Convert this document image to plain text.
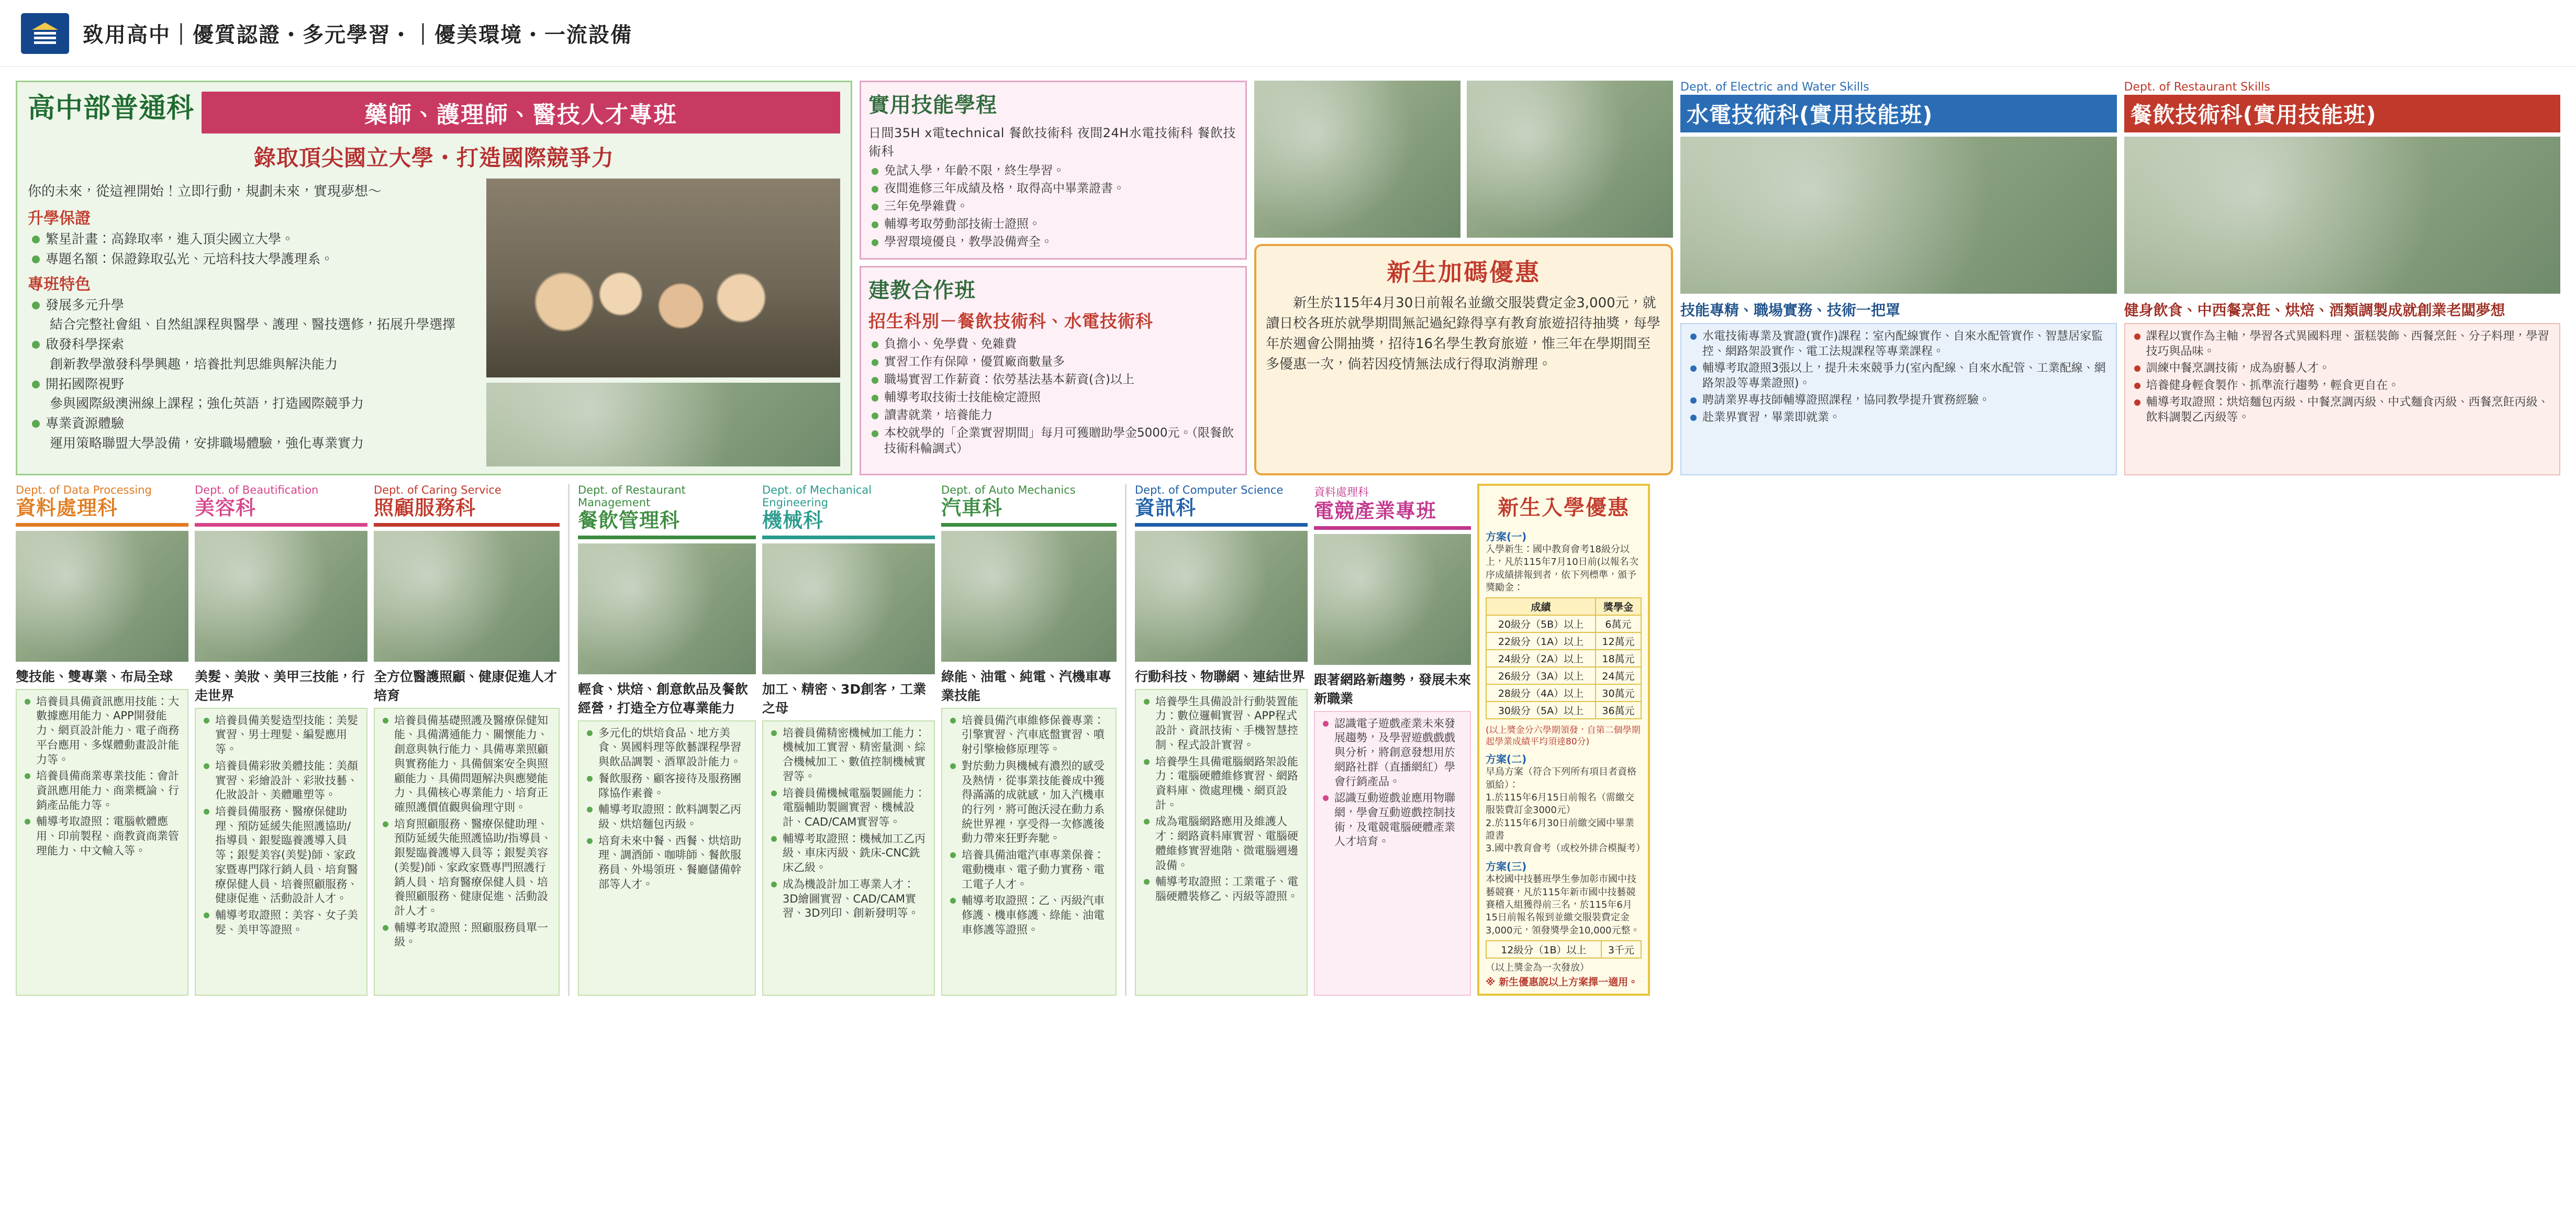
致用高中｜優質認證・多元學習・｜優美環境・一流設備
高中部普通科	藥師、護理師、醫技人才專班
錄取頂尖國立大學・打造國際競爭力
你的未來，從這裡開始！立即行動，規劃未來，實現夢想～
升學保證
繁星計畫：高錄取率，進入頂尖國立大學。
專題名額：保證錄取弘光、元培科技大學護理系。
專班特色
發展多元升學
結合完整社會組、自然組課程與醫學、護理、醫技選修，拓展升學選擇
啟發科學探索
創新教學激發科學興趣，培養批判思維與解決能力
開拓國際視野
參與國際級澳洲線上課程；強化英語，打造國際競爭力
專業資源體驗
運用策略聯盟大學設備，安排職場體驗，強化專業實力
實用技能學程
日間35H x電technical 餐飲技術科 夜間24H水電技術科 餐飲技術科
免試入學，年齡不限，終生學習。
夜間進修三年成績及格，取得高中畢業證書。
三年免學雜費。
輔導考取勞動部技術士證照。
學習環境優良，教學設備齊全。
建教合作班
招生科別－餐飲技術科、水電技術科
負擔小、免學費、免雜費
實習工作有保障，優質廠商數量多
職場實習工作薪資：依勞基法基本薪資(含)以上
輔導考取技術士技能檢定證照
讀書就業，培養能力
本校就學的「企業實習期間」每月可獲贈助學金5000元。（限餐飲技術科輪調式）
新生加碼優惠
新生於115年4月30日前報名並繳交服裝費定金3,000元，就讀日校各班於就學期間無記過紀錄得享有教育旅遊招待抽獎，每學年於週會公開抽獎，招待16名學生教育旅遊，惟三年在學期間至多優惠一次，倘若因疫情無法成行得取消辦理。
Dept. of Electric and Water Skills
水電技術科(實用技能班)
技能專精、職場實務、技術一把罩
水電技術專業及實證(實作)課程：室內配線實作、自來水配管實作、智慧居家監控、網路架設實作、電工法規課程等專業課程。
輔導考取證照3張以上，提升未來競爭力(室內配線、自來水配管、工業配線、網路架設等專業證照)。
聘請業界專技師輔導證照課程，協同教學提升實務經驗。
赴業界實習，畢業即就業。
Dept. of Restaurant Skills
餐飲技術科(實用技能班)
健身飲食、中西餐烹飪、烘焙、酒類調製成就創業老闆夢想
課程以實作為主軸，學習各式異國料理、蛋糕裝飾、西餐烹飪、分子料理，學習技巧與品味。
訓練中餐烹調技術，成為廚藝人才。
培養健身輕食製作、抓準流行趨勢，輕食更自在。
輔導考取證照：烘焙麵包丙級、中餐烹調丙級、中式麵食丙級、西餐烹飪丙級、飲料調製乙丙級等。
Dept. of Data Processing
資料處理科
雙技能、雙專業、布局全球
培養員具備資訊應用技能：大數據應用能力、APP開發能力、網頁設計能力、電子商務平台應用、多媒體動畫設計能力等。
培養員備商業專業技能：會計資訊應用能力、商業概論、行銷產品能力等。
輔導考取證照：電腦軟體應用、印前製程、商教資商業管理能力、中文輸入等。
Dept. of Beautification
美容科
美髮、美妝、美甲三技能，行走世界
培養員備美髮造型技能：美髮實習、男士理髮、編髮應用等。
培養員備彩妝美體技能：美顏實習、彩繪設計、彩妝技藝、化妝設計、美體雕塑等。
培養員備服務、醫療保健助理、預防延緩失能照護協助/指導員、銀髮臨養護導入員等；銀髮美容(美髮)師、家政家暨專門隊行銷人員、培育醫療保健人員、培養照顧服務、健康促進、活動設計人才。
輔導考取證照：美容、女子美髮、美甲等證照。
Dept. of Caring Service
照顧服務科
全方位醫護照顧、健康促進人才培育
培養員備基礎照護及醫療保健知能、具備溝通能力、關懷能力、創意與執行能力、具備專業照顧與實務能力、具備個案安全與照顧能力、具備問題解決與應變能力、具備核心專業能力、培育正確照護價值觀與倫理守則。
培育照顧服務、醫療保健助理、預防延緩失能照護協助/指導員、銀髮臨養護導入員等；銀髮美容(美髮)師、家政家暨專門照護行銷人員、培育醫療保健人員、培養照顧服務、健康促進、活動設計人才。
輔導考取證照：照顧服務員單一級。
Dept. of Restaurant Management
餐飲管理科
輕食、烘焙、創意飲品及餐飲經營，打造全方位專業能力
多元化的烘焙食品、地方美食、異國料理等飲藝課程學習與飲品調製、酒單設計能力。
餐飲服務、顧客接待及服務團隊協作素養。
輔導考取證照：飲料調製乙丙級、烘焙麵包丙級。
培育未來中餐、西餐、烘焙助理、調酒師、咖啡師、餐飲服務員、外場領班、餐廳儲備幹部等人才。
Dept. of Mechanical Engineering
機械科
加工、精密、3D創客，工業之母
培養員備精密機械加工能力：機械加工實習、精密量測、綜合機械加工、數值控制機械實習等。
培養員備機械電腦製圖能力：電腦輔助製圖實習、機械設計、CAD/CAM實習等。
輔導考取證照：機械加工乙丙級、車床丙級、銑床-CNC銑床乙級。
成為機設計加工專業人才：3D繪圖實習、CAD/CAM實習、3D列印、創新發明等。
Dept. of Auto Mechanics
汽車科
綠能、油電、純電、汽機車專業技能
培養員備汽車維修保養專業：引擎實習、汽車底盤實習、噴射引擎檢修原理等。
對於動力與機械有濃烈的感受及熱情，從事業技能養成中獲得滿滿的成就感，加入汽機車的行列，將可飽沃浸在動力系統世界裡，享受得一次修護後動力帶來狂野奔馳。
培養具備油電汽車專業保養：電動機車、電子動力實務、電工電子人才。
輔導考取證照：乙、丙級汽車修護、機車修護、綠能、油電車修護等證照。
Dept. of Computer Science
資訊科
行動科技、物聯網、連結世界
培養學生具備設計行動裝置能力：數位邏輯實習、APP程式設計、資訊技術、手機智慧控制、程式設計實習。
培養學生具備電腦網路架設能力：電腦硬體維修實習、網路資料庫、微處理機、網頁設計。
成為電腦網路應用及維護人才：網路資料庫實習、電腦硬體維修實習進階、微電腦週邊設備。
輔導考取證照：工業電子、電腦硬體裝修乙、丙級等證照。
資料處理科
電競產業專班
跟著網路新趨勢，發展未來新職業
認識電子遊戲產業未來發展趨勢，及學習遊戲戲戲與分析，將創意發想用於網路社群（直播網紅）學會行銷產品。
認識互動遊戲並應用物聯網，學會互動遊戲控制技術，及電競電腦硬體產業人才培育。
新生入學優惠
方案(一)
入學新生：國中教育會考18級分以上，凡於115年7月10日前(以報名次序成績排報到者，依下列標準，頒予獎勵金：
成績	獎學金
20級分（5B）以上	6萬元
22級分（1A）以上	12萬元
24級分（2A）以上	18萬元
26級分（3A）以上	24萬元
28級分（4A）以上	30萬元
30級分（5A）以上	36萬元
(以上獎金分六學期領發，自第二個學期起學業成績平均須達80分)
方案(二)
早鳥方案（符合下列所有項目者資格頒給）：
1.於115年6月15日前報名（需繳交服裝費訂金3000元）
2.於115年6月30日前繳交國中畢業證書
3.國中教育會考（或校外排合模擬考）
方案(三)
本校國中技藝班學生參加彰市國中技藝競賽，凡於115年新市國中技藝競賽稽入組獲得前三名，於115年6月15日前報名報到並繳交服裝費定金3,000元，領發獎學金10,000元整。
12級分（1B）以上	3千元
（以上獎金為一次發放）
※ 新生優惠說以上方案擇一適用。
